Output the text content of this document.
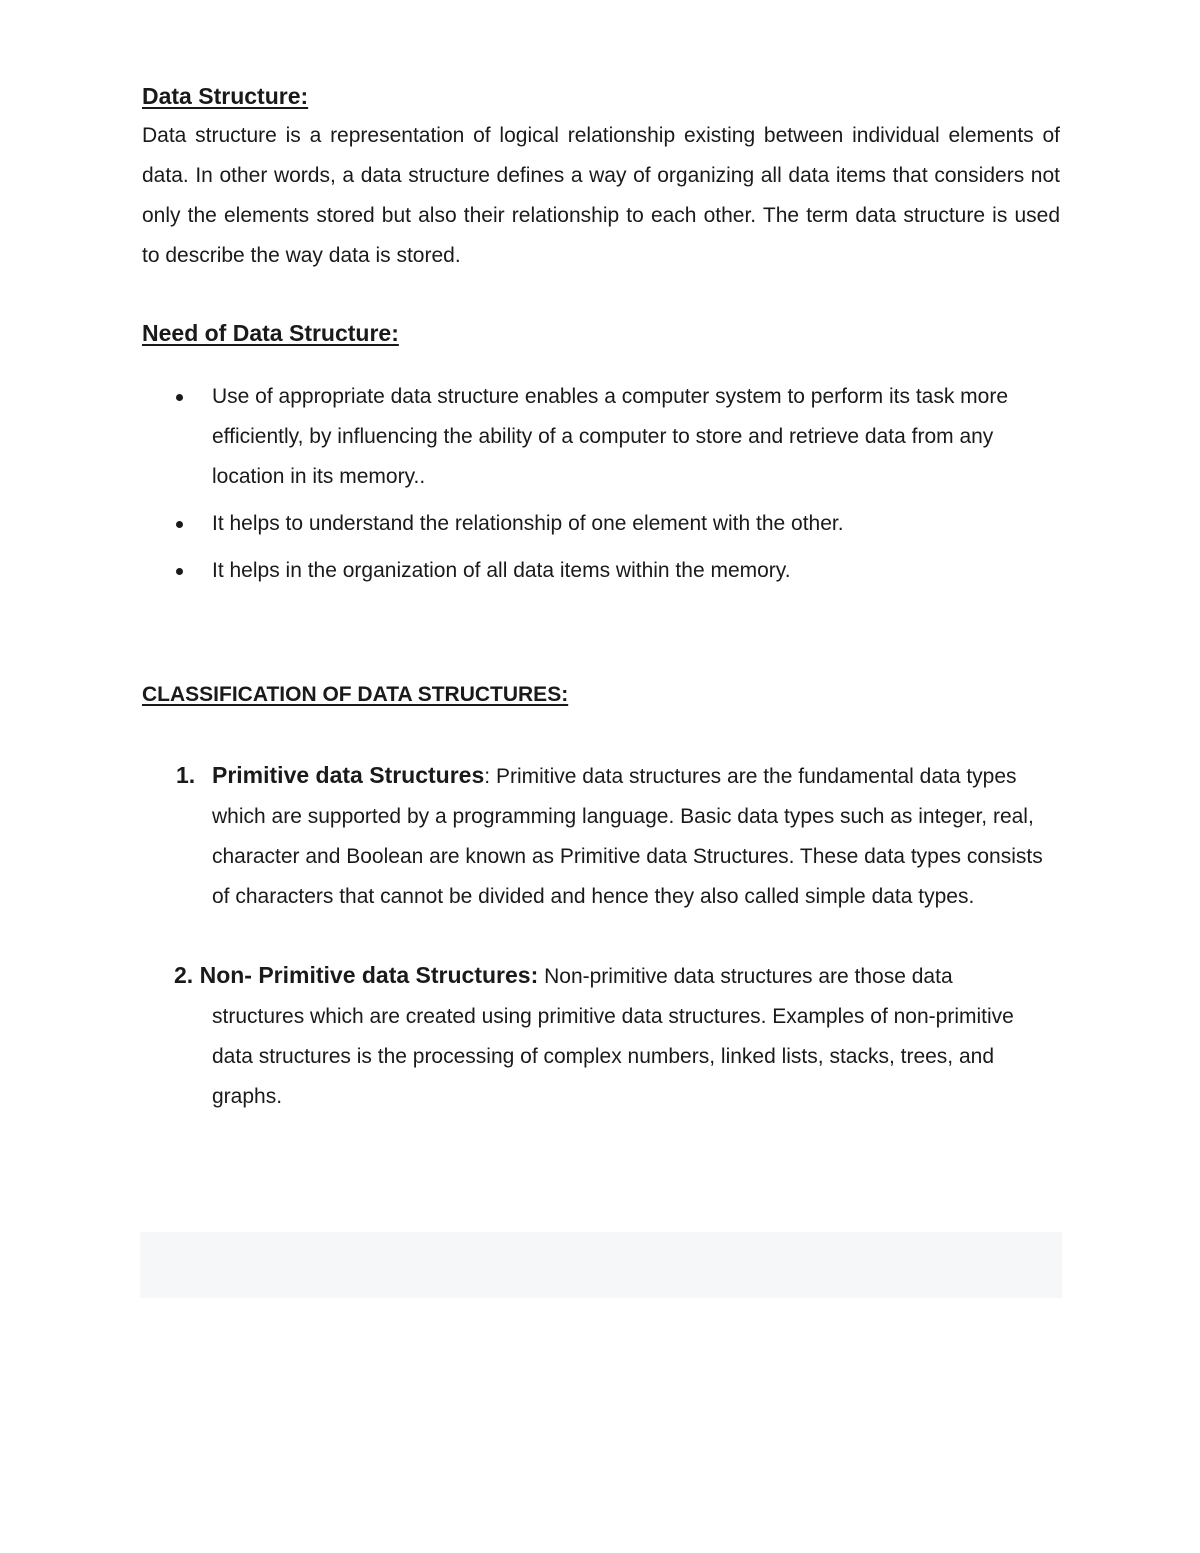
Data Structure:

Data structure is a representation of logical relationship existing between individual elements of data. In other words, a data structure defines a way of organizing all data items that considers not only the elements stored but also their relationship to each other. The term data structure is used to describe the way data is stored.

Need of Data Structure:
Use of appropriate data structure enables a computer system to perform its task more efficiently, by influencing the ability of a computer to store and retrieve data from any location in its memory..
It helps to understand the relationship of one element with the other.
It helps in the organization of all data items within the memory.
CLASSIFICATION OF DATA STRUCTURES:

1. Primitive data Structures: Primitive data structures are the fundamental data types which are supported by a programming language. Basic data types such as integer, real, character and Boolean are known as Primitive data Structures. These data types consists of characters that cannot be divided and hence they also called simple data types.

2. Non- Primitive data Structures: Non-primitive data structures are those data structures which are created using primitive data structures. Examples of non-primitive data structures is the processing of complex numbers, linked lists, stacks, trees, and graphs.
